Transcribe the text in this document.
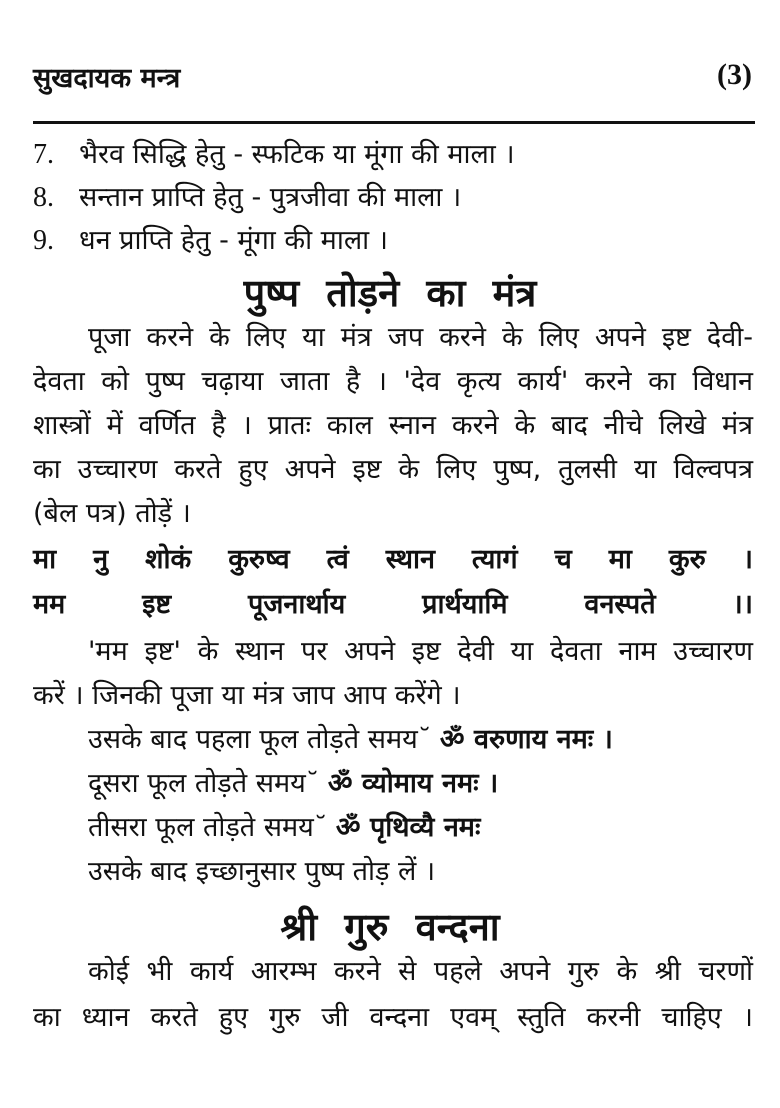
सुखदायक मन्त्र	(3)
7. भैरव सिद्धि हेतु - स्फटिक या मूंगा की माला ।
8. सन्तान प्राप्ति हेतु - पुत्रजीवा की माला ।
9. धन प्राप्ति हेतु - मूंगा की माला ।
पुष्प तोड़ने का मंत्र
पूजा करने के लिए या मंत्र जप करने के लिए अपने इष्ट देवी-
देवता को पुष्प चढ़ाया जाता है । 'देव कृत्य कार्य' करने का विधान
शास्त्रों में वर्णित है । प्रातः काल स्नान करने के बाद नीचे लिखे मंत्र
का उच्चारण करते हुए अपने इष्ट के लिए पुष्प, तुलसी या विल्वपत्र
(बेल पत्र) तोड़ें ।
मा नु शोकं कुरुष्व त्वं स्थान त्यागं च मा कुरु ।
मम इष्ट पूजनार्थाय प्रार्थयामि वनस्पते ।।
'मम इष्ट' के स्थान पर अपने इष्ट देवी या देवता नाम उच्चारण
करें । जिनकी पूजा या मंत्र जाप आप करेंगे ।
उसके बाद पहला फूल तोड़ते समय˘ ॐ वरुणाय नमः ।
दूसरा फूल तोड़ते समय˘ ॐ व्योमाय नमः ।
तीसरा फूल तोड़ते समय˘ ॐ पृथिव्यै नमः
उसके बाद इच्छानुसार पुष्प तोड़ लें ।
श्री गुरु वन्दना
कोई भी कार्य आरम्भ करने से पहले अपने गुरु के श्री चरणों
का ध्यान करते हुए गुरु जी वन्दना एवम् स्तुति करनी चाहिए ।
